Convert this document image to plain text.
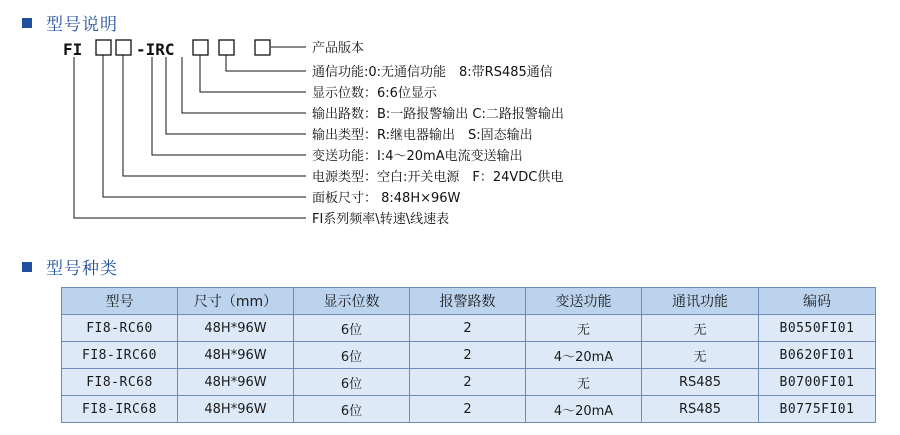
型号说明
FI	-IRC	产品版本
通信功能:0:无通信功能　8:带RS485通信
显示位数：6:6位显示
输出路数：B:一路报警输出 C:二路报警输出
输出类型：R:继电器输出　S:固态输出
变送功能：I:4～20mA电流变送输出
电源类型：空白:开关电源　F：24VDC供电
面板尺寸： 8:48H×96W
FI系列频率\转速\线速表
型号种类
型号	尺寸（mm）	显示位数	报警路数	变送功能	通讯功能	编码
FI8-RC60	48H*96W	6位	2	无	无	B0550FI01
FI8-IRC60	48H*96W	6位	2	4～20mA	无	B0620FI01
FI8-RC68	48H*96W	6位	2	无	RS485	B0700FI01
FI8-IRC68	48H*96W	6位	2	4～20mA	RS485	B0775FI01
